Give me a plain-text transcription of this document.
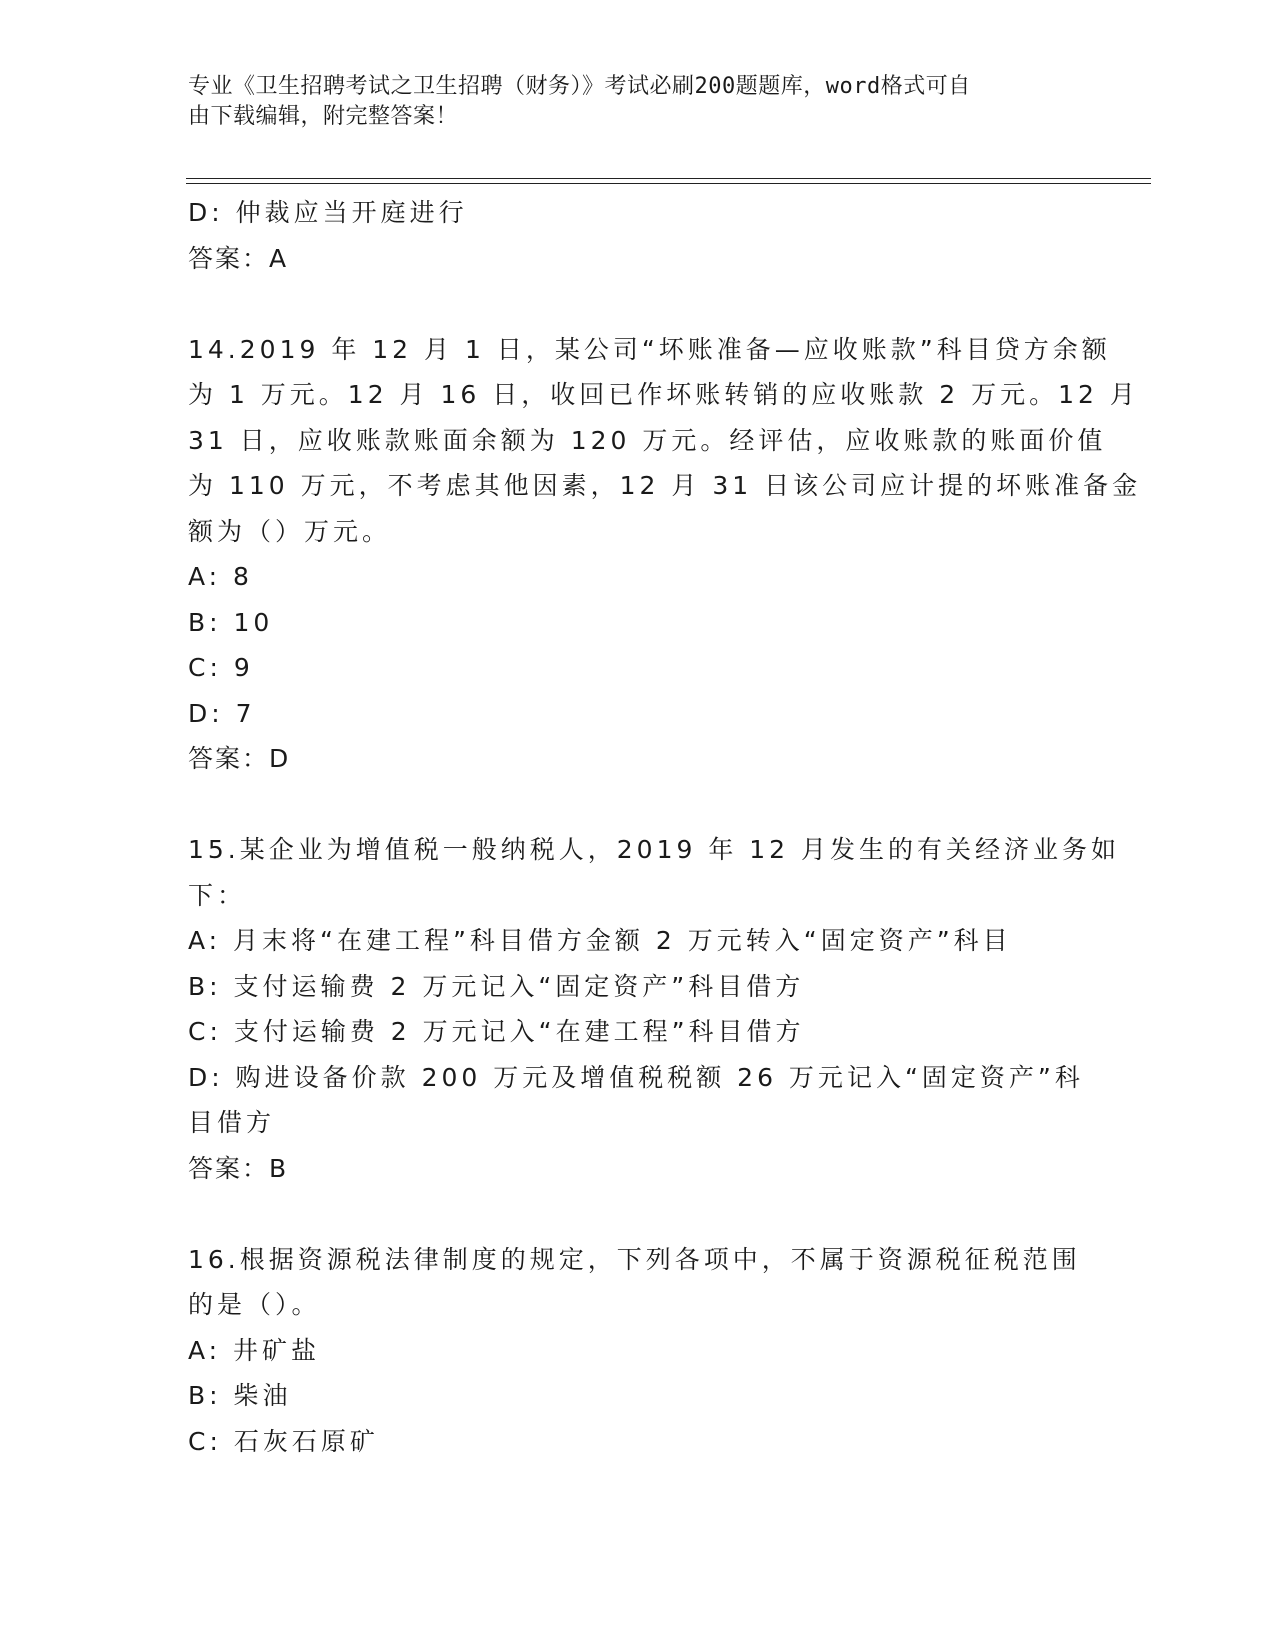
专业《卫生招聘考试之卫生招聘（财务）》考试必刷200题题库，word格式可自
由下载编辑，附完整答案！
D: 仲裁应当开庭进行
答案：A
14.2019 年 12 月 1 日，某公司“坏账准备—应收账款”科目贷方余额
为 1 万元。12 月 16 日，收回已作坏账转销的应收账款 2 万元。12 月
31 日，应收账款账面余额为 120 万元。经评估，应收账款的账面价值
为 110 万元，不考虑其他因素，12 月 31 日该公司应计提的坏账准备金
额为（）万元。
A: 8
B: 10
C: 9
D: 7
答案：D
15.某企业为增值税一般纳税人，2019 年 12 月发生的有关经济业务如
下：
A: 月末将“在建工程”科目借方金额 2 万元转入“固定资产”科目
B: 支付运输费 2 万元记入“固定资产”科目借方
C: 支付运输费 2 万元记入“在建工程”科目借方
D: 购进设备价款 200 万元及增值税税额 26 万元记入“固定资产”科
目借方
答案：B
16.根据资源税法律制度的规定，下列各项中，不属于资源税征税范围
的是（）。
A: 井矿盐
B: 柴油
C: 石灰石原矿
